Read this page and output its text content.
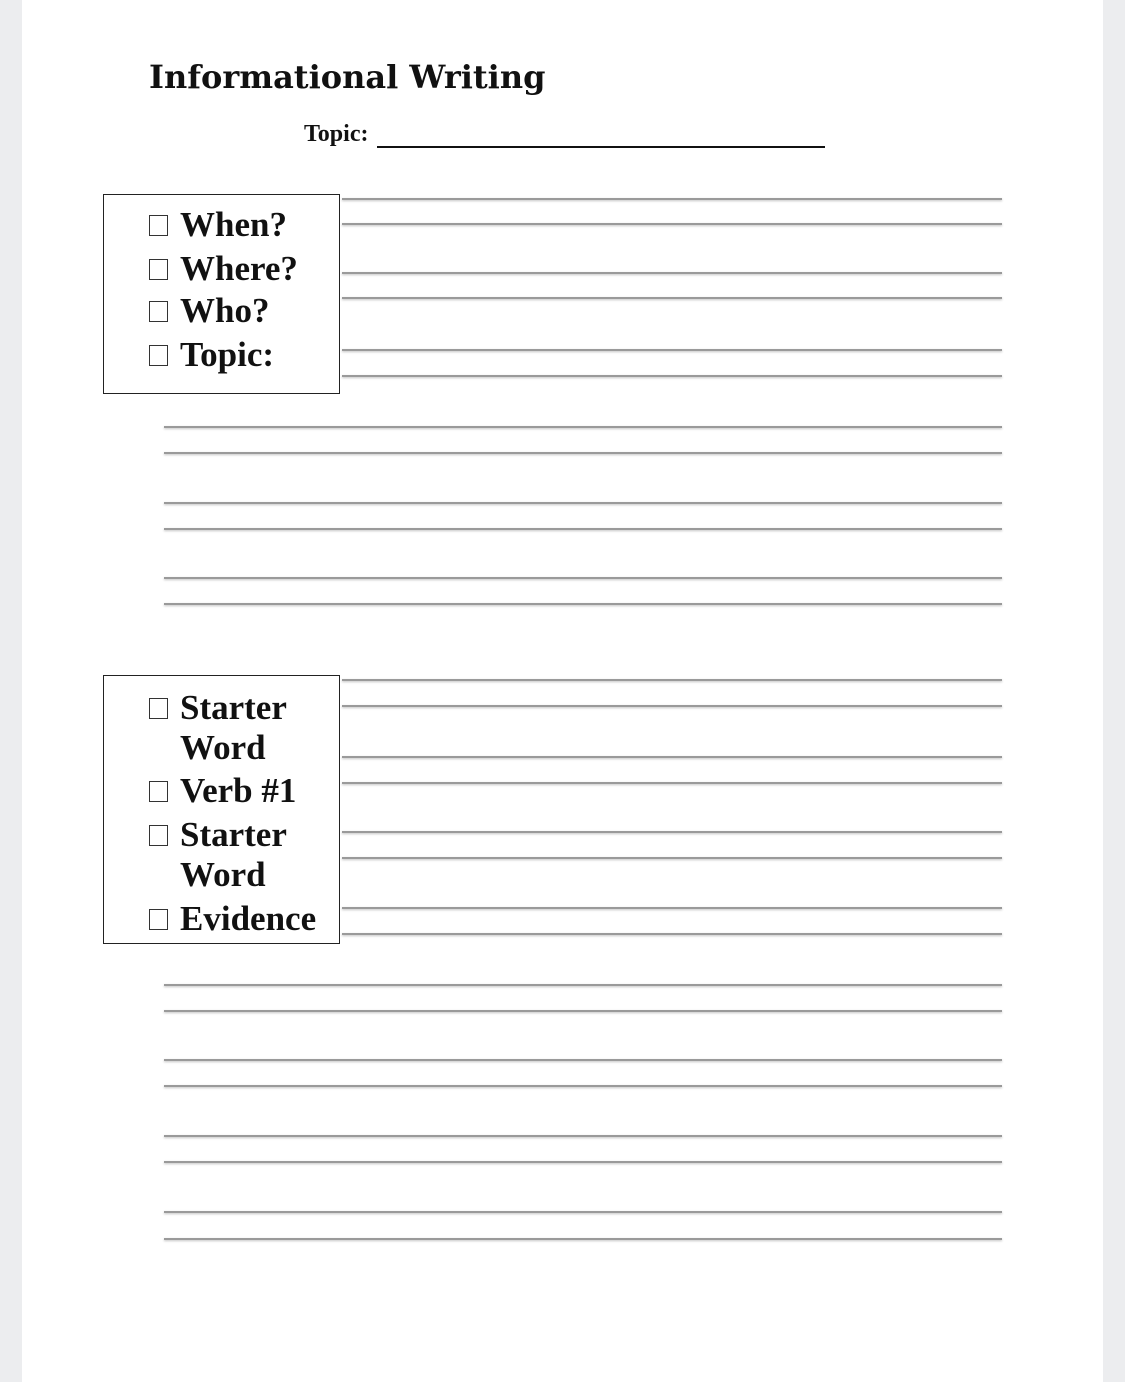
Informational Writing
Topic:
When?
Where?
Who?
Topic:
Starter Word
Verb #1
Starter Word
Evidence
